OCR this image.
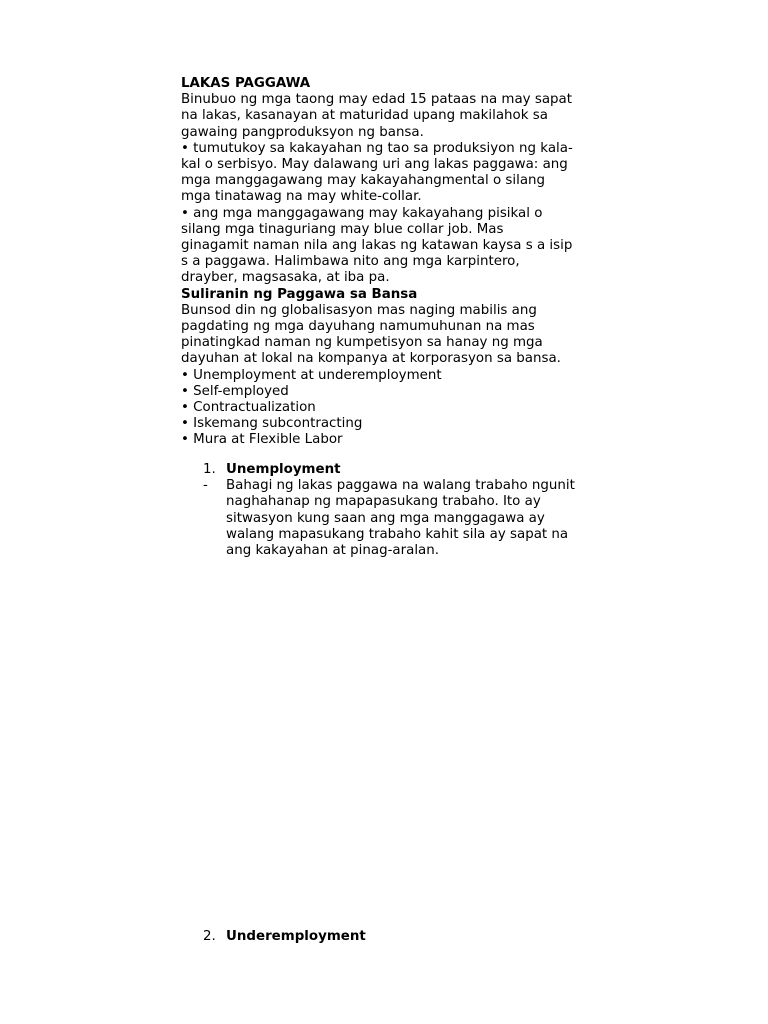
LAKAS PAGGAWA
Binubuo ng mga taong may edad 15 pataas na may sapat
na lakas, kasanayan at maturidad upang makilahok sa
gawaing pangproduksyon ng bansa.
• tumutukoy sa kakayahan ng tao sa produksiyon ng kala-
kal o serbisyo. May dalawang uri ang lakas paggawa: ang
mga manggagawang may kakayahangmental o silang
mga tinatawag na may white-collar.
• ang mga manggagawang may kakayahang pisikal o
silang mga tinaguriang may blue collar job. Mas
ginagamit naman nila ang lakas ng katawan kaysa s a isip
s a paggawa. Halimbawa nito ang mga karpintero,
drayber, magsasaka, at iba pa.
Suliranin ng Paggawa sa Bansa
Bunsod din ng globalisasyon mas naging mabilis ang
pagdating ng mga dayuhang namumuhunan na mas
pinatingkad naman ng kumpetisyon sa hanay ng mga
dayuhan at lokal na kompanya at korporasyon sa bansa.
• Unemployment at underemployment
• Self-employed
• Contractualization
• Iskemang subcontracting
• Mura at Flexible Labor
1. Unemployment
- Bahagi ng lakas paggawa na walang trabaho ngunit
naghahanap ng mapapasukang trabaho. Ito ay
sitwasyon kung saan ang mga manggagawa ay
walang mapasukang trabaho kahit sila ay sapat na
ang kakayahan at pinag-aralan.
2. Underemployment
